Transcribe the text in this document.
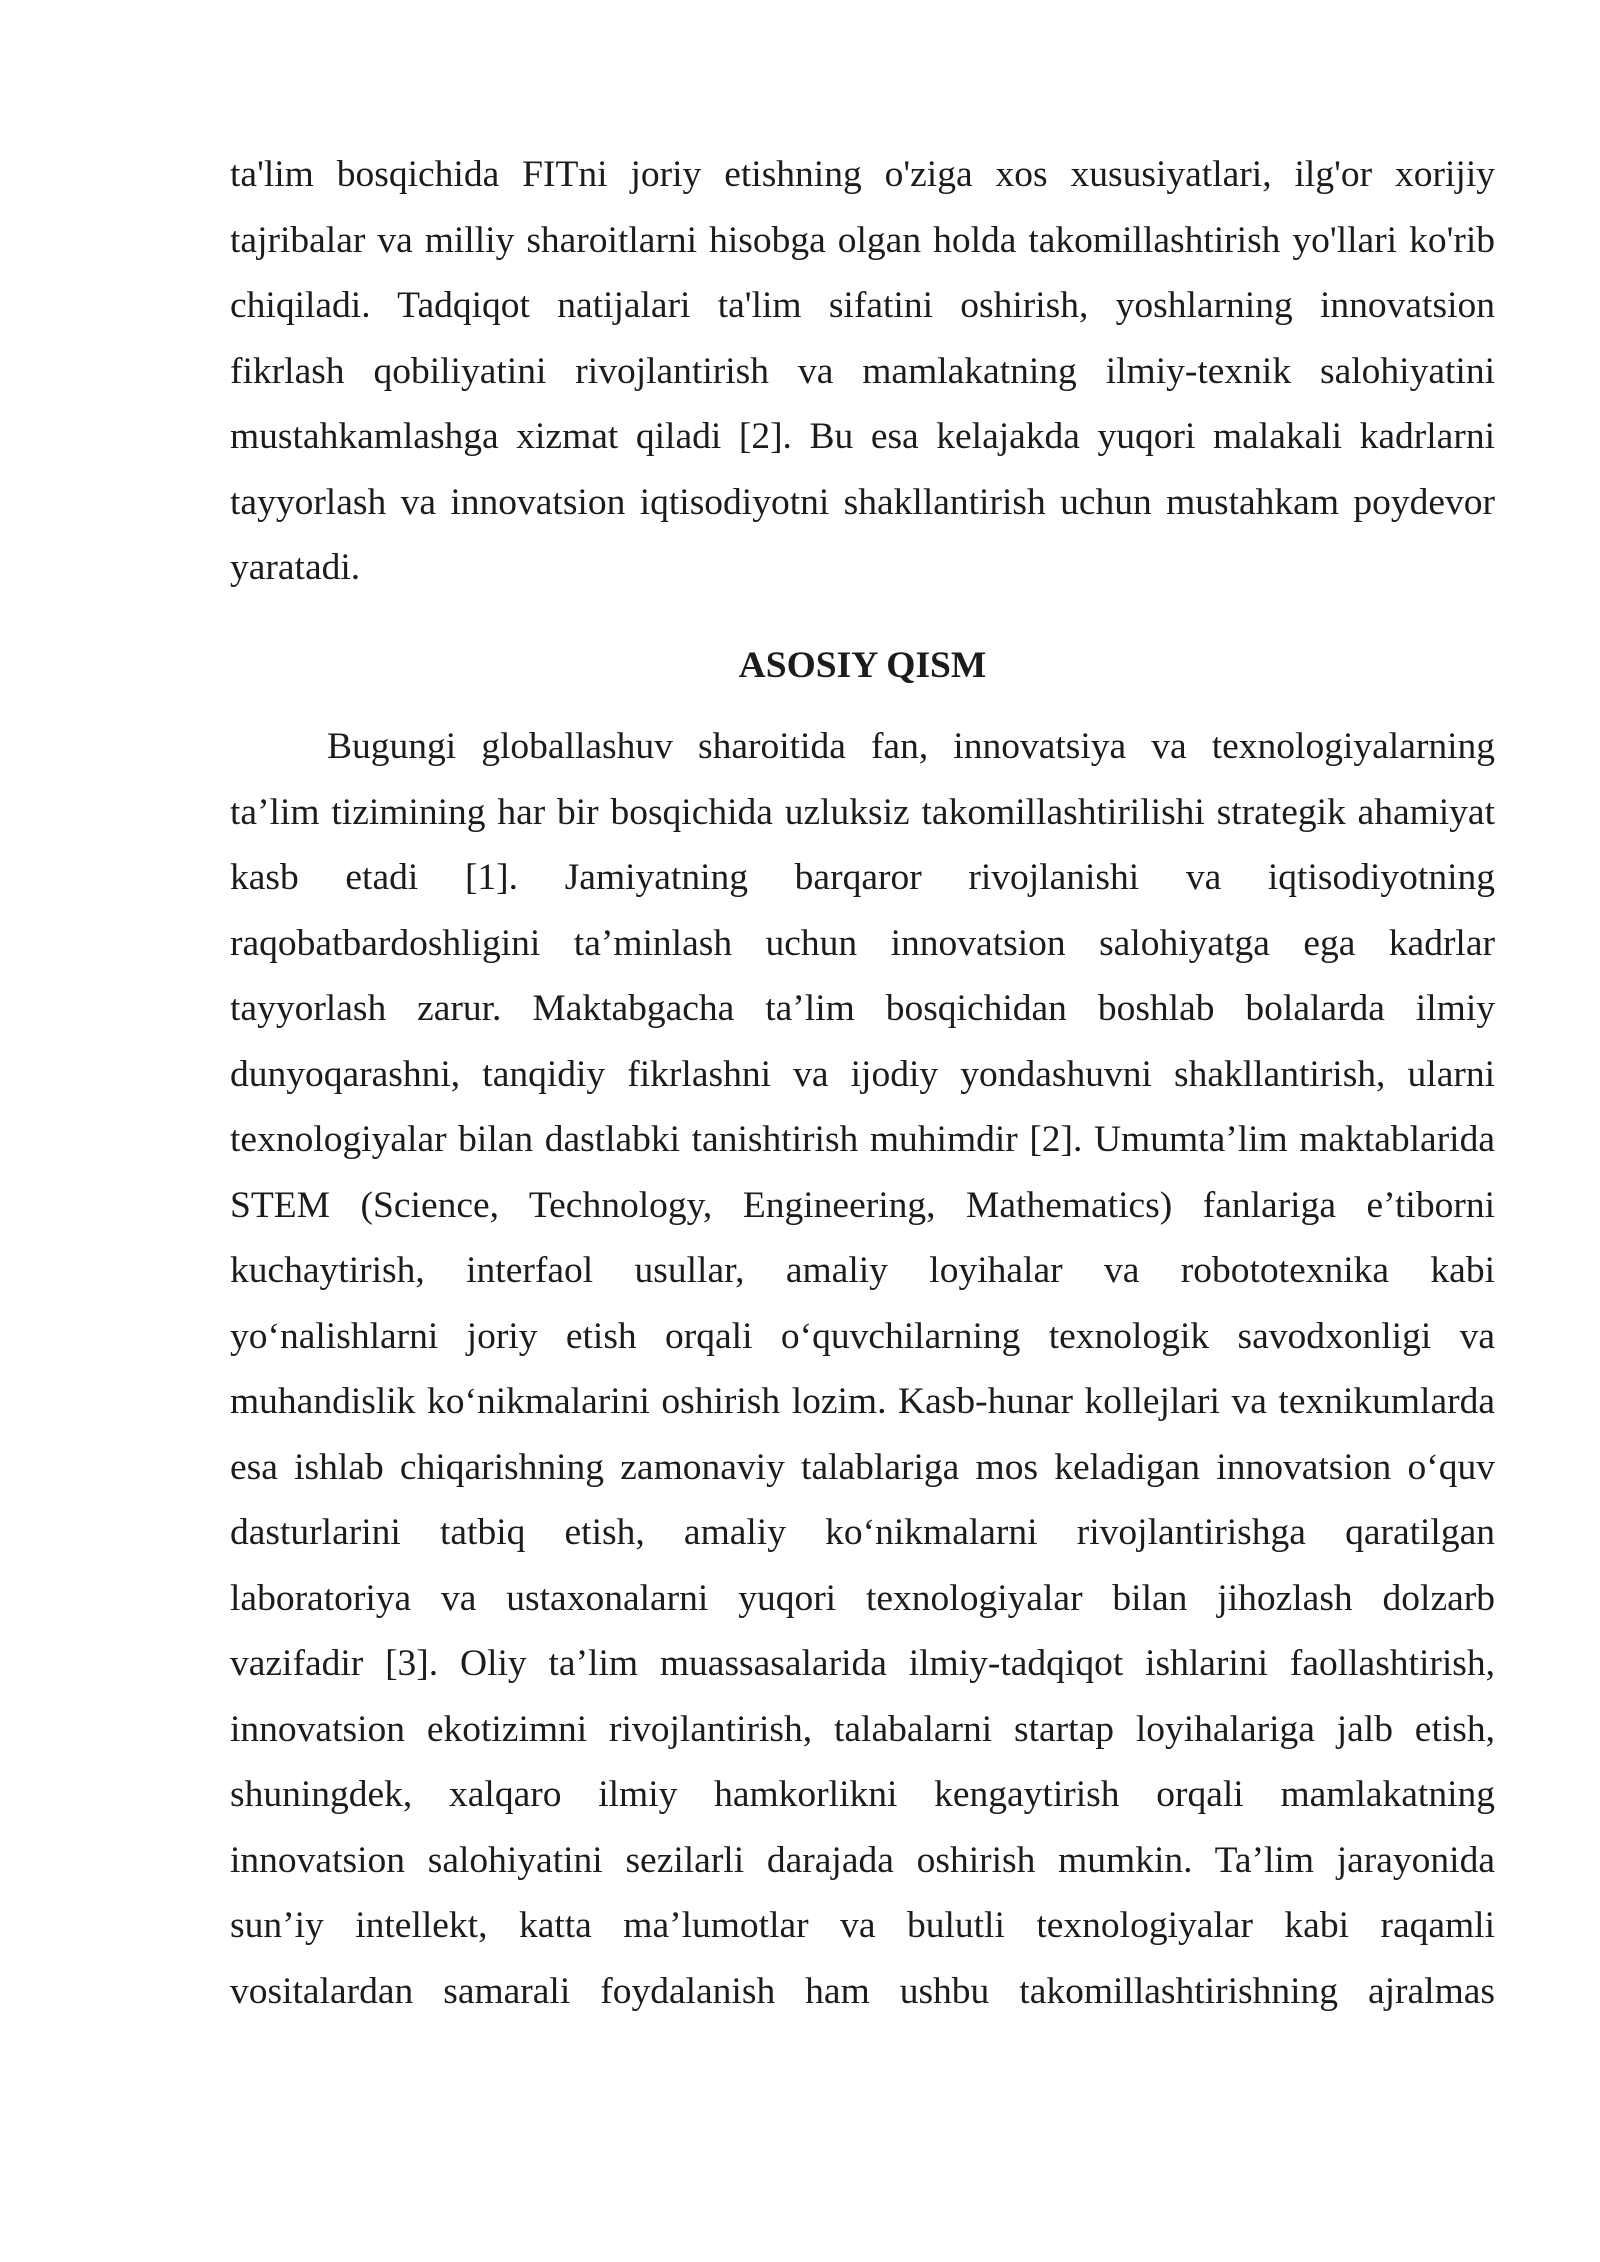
ta'lim bosqichida FITni joriy etishning o'ziga xos xususiyatlari, ilg'or xorijiy
tajribalar va milliy sharoitlarni hisobga olgan holda takomillashtirish yo'llari ko'rib
chiqiladi. Tadqiqot natijalari ta'lim sifatini oshirish, yoshlarning innovatsion
fikrlash qobiliyatini rivojlantirish va mamlakatning ilmiy-texnik salohiyatini
mustahkamlashga xizmat qiladi [2]. Bu esa kelajakda yuqori malakali kadrlarni
tayyorlash va innovatsion iqtisodiyotni shakllantirish uchun mustahkam poydevor
yaratadi.
ASOSIY QISM
Bugungi globallashuv sharoitida fan, innovatsiya va texnologiyalarning
ta’lim tizimining har bir bosqichida uzluksiz takomillashtirilishi strategik ahamiyat
kasb etadi [1]. Jamiyatning barqaror rivojlanishi va iqtisodiyotning
raqobatbardoshligini ta’minlash uchun innovatsion salohiyatga ega kadrlar
tayyorlash zarur. Maktabgacha ta’lim bosqichidan boshlab bolalarda ilmiy
dunyoqarashni, tanqidiy fikrlashni va ijodiy yondashuvni shakllantirish, ularni
texnologiyalar bilan dastlabki tanishtirish muhimdir [2]. Umumta’lim maktablarida
STEM (Science, Technology, Engineering, Mathematics) fanlariga e’tiborni
kuchaytirish, interfaol usullar, amaliy loyihalar va robototexnika kabi
yo‘nalishlarni joriy etish orqali o‘quvchilarning texnologik savodxonligi va
muhandislik ko‘nikmalarini oshirish lozim. Kasb-hunar kollejlari va texnikumlarda
esa ishlab chiqarishning zamonaviy talablariga mos keladigan innovatsion o‘quv
dasturlarini tatbiq etish, amaliy ko‘nikmalarni rivojlantirishga qaratilgan
laboratoriya va ustaxonalarni yuqori texnologiyalar bilan jihozlash dolzarb
vazifadir [3]. Oliy ta’lim muassasalarida ilmiy-tadqiqot ishlarini faollashtirish,
innovatsion ekotizimni rivojlantirish, talabalarni startap loyihalariga jalb etish,
shuningdek, xalqaro ilmiy hamkorlikni kengaytirish orqali mamlakatning
innovatsion salohiyatini sezilarli darajada oshirish mumkin. Ta’lim jarayonida
sun’iy intellekt, katta ma’lumotlar va bulutli texnologiyalar kabi raqamli
vositalardan samarali foydalanish ham ushbu takomillashtirishning ajralmas
